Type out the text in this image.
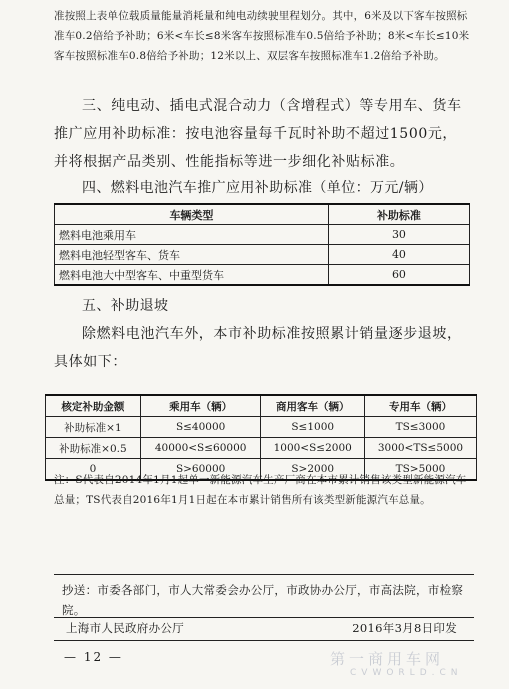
准按照上表单位载质量能量消耗量和纯电动续驶里程划分。其中，6米及以下客车按照标准车0.2倍给予补助；6米<车长≤8米客车按照标准车0.5倍给予补助；8米<车长≤10米客车按照标准车0.8倍给予补助；12米以上、双层客车按照标准车1.2倍给予补助。

三、纯电动、插电式混合动力（含增程式）等专用车、货车推广应用补助标准：按电池容量每千瓦时补助不超过1500元，并将根据产品类别、性能指标等进一步细化补贴标准。

四、燃料电池汽车推广应用补助标准（单位：万元/辆）

车辆类型	补助标准
燃料电池乘用车	30
燃料电池轻型客车、货车	40
燃料电池大中型客车、中重型货车	60

五、补助退坡

除燃料电池汽车外，本市补助标准按照累计销量逐步退坡，具体如下：

核定补助金额	乘用车（辆）	商用客车（辆）	专用车（辆）
补助标准×1	S≤40000	S≤1000	TS≤3000
补助标准×0.5	40000<S≤60000	1000<S≤2000	3000<TS≤5000
0	S>60000	S>2000	TS>5000

注：S代表自2014年1月1起单一新能源汽车生产厂商在本市累计销售该类型新能源汽车总量；TS代表自2016年1月1日起在本市累计销售所有该类型新能源汽车总量。

抄送：市委各部门，市人大常委会办公厅，市政协办公厅，市高法院，市检察院。

上海市人民政府办公厅	2016年3月8日印发
— 12 —	第一商用车网
CVWORLD.CN
